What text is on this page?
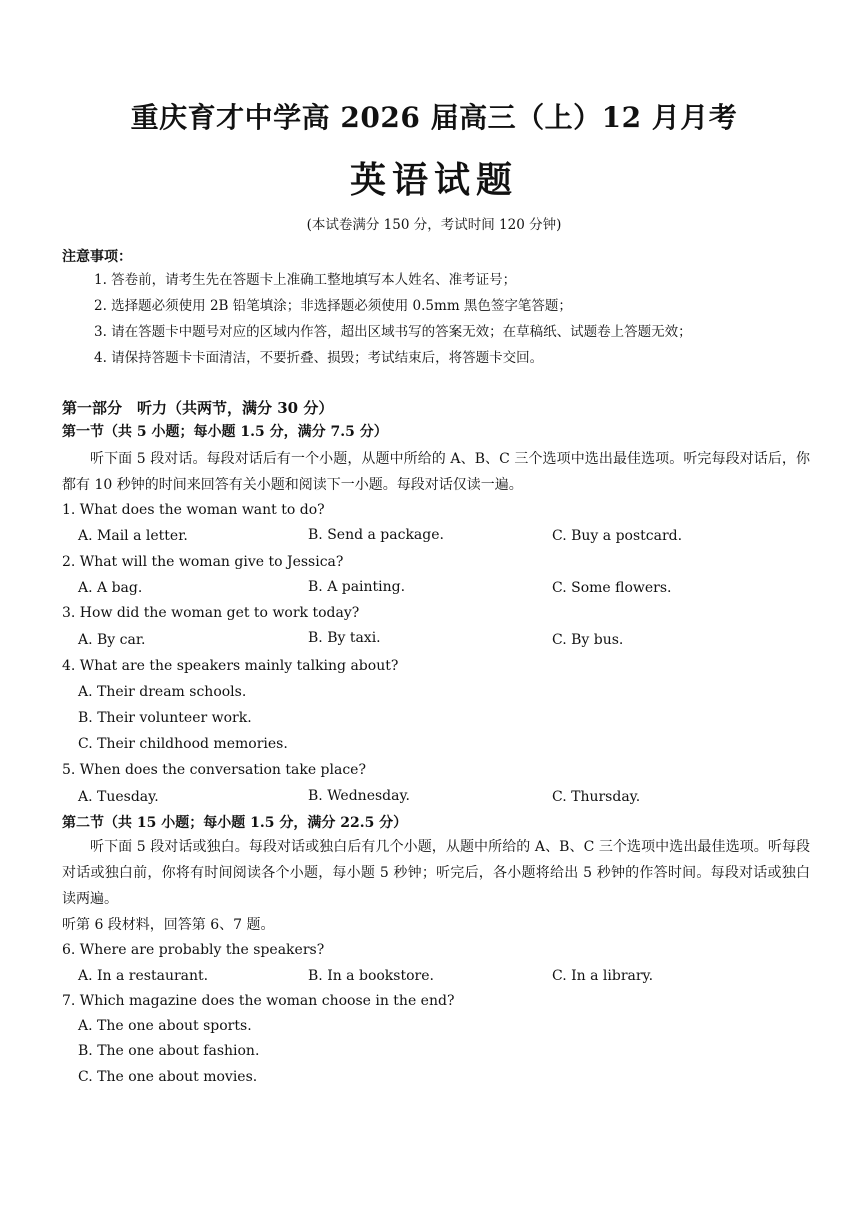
重庆育才中学高 2026 届高三（上）12 月月考
英语试题
(本试卷满分 150 分，考试时间 120 分钟)
注意事项：
1. 答卷前，请考生先在答题卡上准确工整地填写本人姓名、准考证号；
2. 选择题必须使用 2B 铅笔填涂；非选择题必须使用 0.5mm 黑色签字笔答题；
3. 请在答题卡中题号对应的区域内作答，超出区域书写的答案无效；在草稿纸、试题卷上答题无效；
4. 请保持答题卡卡面清洁，不要折叠、损毁；考试结束后，将答题卡交回。
第一部分　听力（共两节，满分 30 分）
第一节（共 5 小题；每小题 1.5 分，满分 7.5 分）
听下面 5 段对话。每段对话后有一个小题，从题中所给的 A、B、C 三个选项中选出最佳选项。听完每段对话后，你都有 10 秒钟的时间来回答有关小题和阅读下一小题。每段对话仅读一遍。
1. What does the woman want to do?
A. Mail a letter.	B. Send a package.	C. Buy a postcard.
2. What will the woman give to Jessica?
A. A bag.	B. A painting.	C. Some flowers.
3. How did the woman get to work today?
A. By car.	B. By taxi.	C. By bus.
4. What are the speakers mainly talking about?
A. Their dream schools.
B. Their volunteer work.
C. Their childhood memories.
5. When does the conversation take place?
A. Tuesday.	B. Wednesday.	C. Thursday.
第二节（共 15 小题；每小题 1.5 分，满分 22.5 分）
听下面 5 段对话或独白。每段对话或独白后有几个小题，从题中所给的 A、B、C 三个选项中选出最佳选项。听每段对话或独白前，你将有时间阅读各个小题，每小题 5 秒钟；听完后，各小题将给出 5 秒钟的作答时间。每段对话或独白读两遍。
听第 6 段材料，回答第 6、7 题。
6. Where are probably the speakers?
A. In a restaurant.	B. In a bookstore.	C. In a library.
7. Which magazine does the woman choose in the end?
A. The one about sports.
B. The one about fashion.
C. The one about movies.
